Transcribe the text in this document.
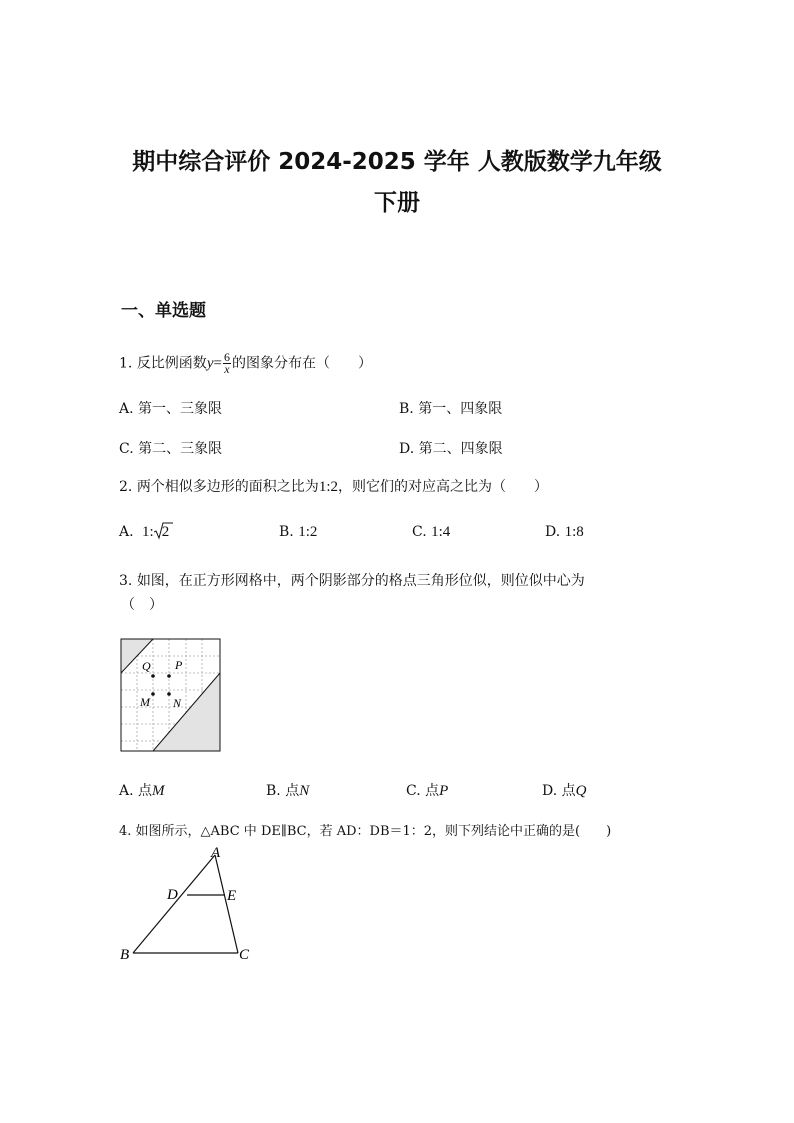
期中综合评价 2024-2025 学年 人教版数学九年级
下册
一、单选题
1. 反比例函数$y= \frac{6}{x}$ 的图象分布在（　　）
A. 第一、三象限	B. 第一、四象限
C. 第二、三象限	D. 第二、四象限
2. 两个相似多边形的面积之比为1:2，则它们的对应高之比为（　　）
A. 1: 2	B. 1:2	C. 1:4	D. 1:8
3. 如图，在正方形网格中，两个阴影部分的格点三角形位似，则位似中心为
（　）
Q P
M N
A. 点M	B. 点N	C. 点P	D. 点Q
4. 如图所示，△ABC 中 DE∥BC，若 AD：DB＝1：2，则下列结论中正确的是(　　)
A
D	E
B	C
